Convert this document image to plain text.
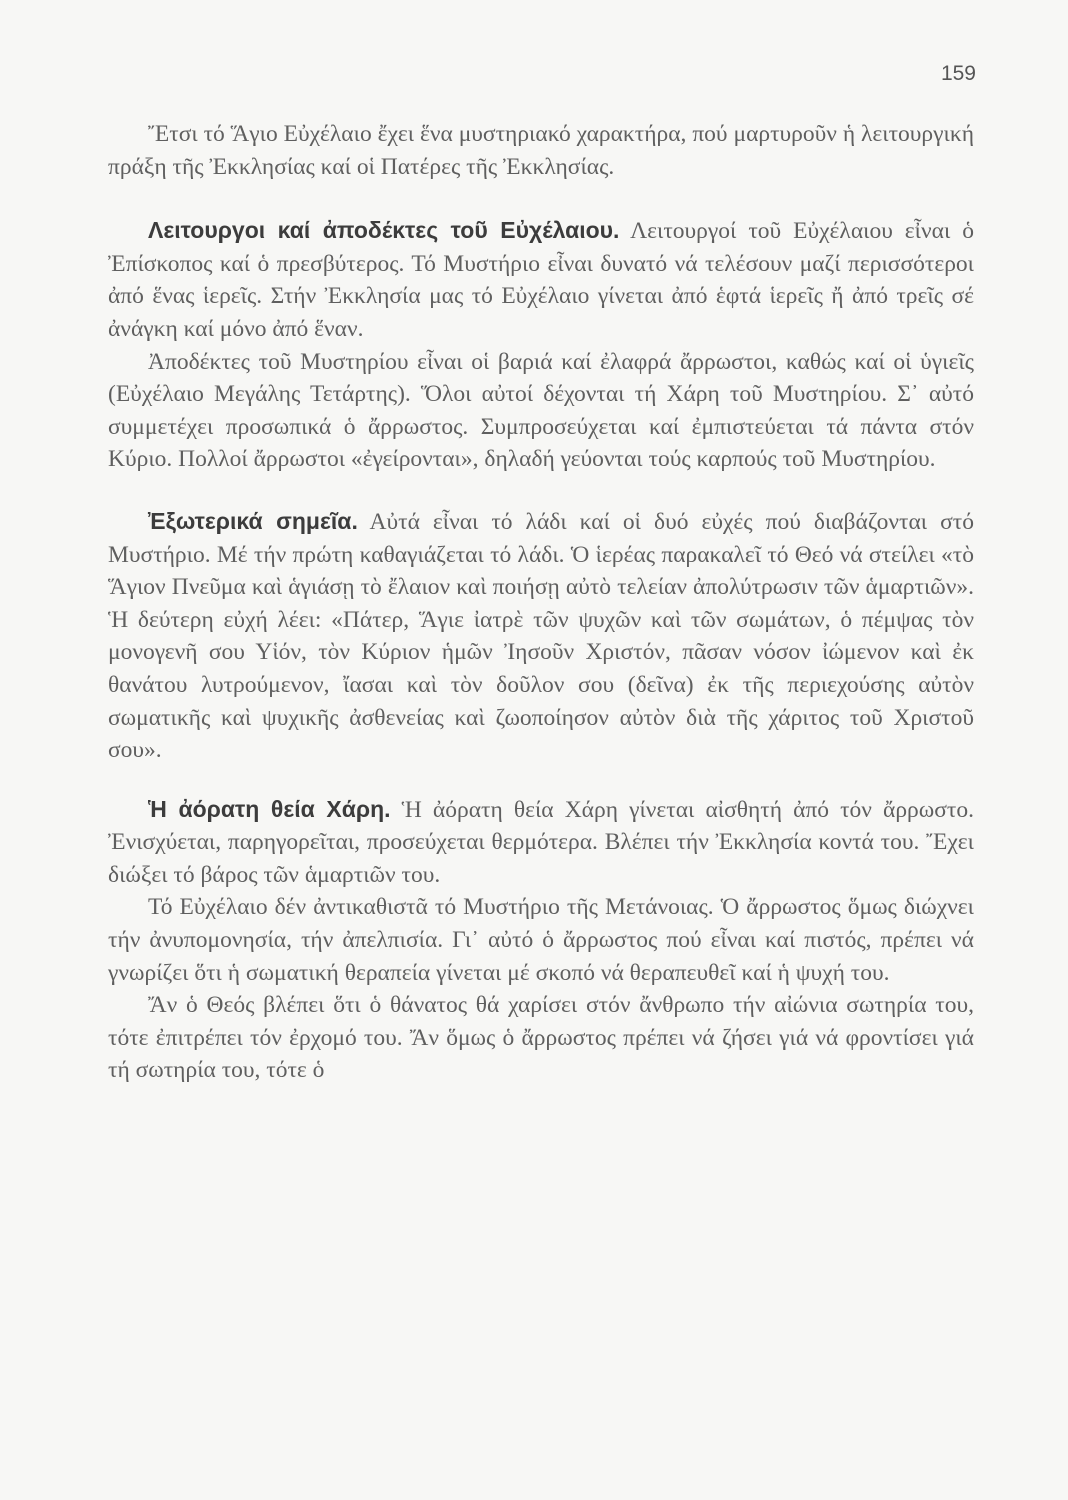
159

Ἔτσι τό Ἅγιο Εὐχέλαιο ἔχει ἕνα μυστηριακό χαρακτήρα, πού μαρτυροῦν ἡ λειτουργική πράξη τῆς Ἐκκλησίας καί οἱ Πατέρες τῆς Ἐκκλησίας.

Λειτουργοι καί ἀποδέκτες τοῦ Εὐχέλαιου. Λειτουργοί τοῦ Εὐχέλαιου εἶναι ὁ Ἐπίσκοπος καί ὁ πρεσβύτερος. Τό Μυστήριο εἶναι δυνατό νά τελέσουν μαζί περισσότεροι ἀπό ἕνας ἱερεῖς. Στήν Ἐκκλησία μας τό Εὐχέλαιο γίνεται ἀπό ἑφτά ἱερεῖς ἤ ἀπό τρεῖς σέ ἀνάγκη καί μόνο ἀπό ἕναν.

Ἀποδέκτες τοῦ Μυστηρίου εἶναι οἱ βαριά καί ἐλαφρά ἄρρωστοι, καθώς καί οἱ ὑγιεῖς (Εὐχέλαιο Μεγάλης Τετάρτης). Ὅλοι αὐτοί δέχονται τή Χάρη τοῦ Μυστηρίου. Σ᾽ αὐτό συμμετέχει προσωπικά ὁ ἄρρωστος. Συμπροσεύχεται καί ἐμπιστεύεται τά πάντα στόν Κύριο. Πολλοί ἄρρωστοι «ἐγείρονται», δηλαδή γεύονται τούς καρπούς τοῦ Μυστηρίου.

Ἐξωτερικά σημεῖα. Αὐτά εἶναι τό λάδι καί οἱ δυό εὐχές πού διαβάζονται στό Μυστήριο. Μέ τήν πρώτη καθαγιάζεται τό λάδι. Ὁ ἱερέας παρακαλεῖ τό Θεό νά στείλει «τὸ Ἅγιον Πνεῦμα καὶ ἁγιάσῃ τὸ ἔλαιον καὶ ποιήσῃ αὐτὸ τελείαν ἀπολύτρωσιν τῶν ἁμαρτιῶν». Ἡ δεύτερη εὐχή λέει: «Πάτερ, Ἅγιε ἰατρὲ τῶν ψυχῶν καὶ τῶν σωμάτων, ὁ πέμψας τὸν μονογενῆ σου Υἱόν, τὸν Κύριον ἡμῶν Ἰησοῦν Χριστόν, πᾶσαν νόσον ἰώμενον καὶ ἐκ θανάτου λυτρούμενον, ἴασαι καὶ τὸν δοῦλον σου (δεῖνα) ἐκ τῆς περιεχούσης αὐτὸν σωματικῆς καὶ ψυχικῆς ἀσθενείας καὶ ζωοποίησον αὐτὸν διὰ τῆς χάριτος τοῦ Χριστοῦ σου».

Ἡ ἀόρατη θεία Χάρη. Ἡ ἀόρατη θεία Χάρη γίνεται αἰσθητή ἀπό τόν ἄρρωστο. Ἐνισχύεται, παρηγορεῖται, προσεύχεται θερμότερα. Βλέπει τήν Ἐκκλησία κοντά του. Ἔχει διώξει τό βάρος τῶν ἁμαρτιῶν του.

Τό Εὐχέλαιο δέν ἀντικαθιστᾶ τό Μυστήριο τῆς Μετάνοιας. Ὁ ἄρρωστος ὅμως διώχνει τήν ἀνυπομονησία, τήν ἀπελπισία. Γι᾽ αὐτό ὁ ἄρρωστος πού εἶναι καί πιστός, πρέπει νά γνωρίζει ὅτι ἡ σωματική θεραπεία γίνεται μέ σκοπό νά θεραπευθεῖ καί ἡ ψυχή του.

Ἄν ὁ Θεός βλέπει ὅτι ὁ θάνατος θά χαρίσει στόν ἄνθρωπο τήν αἰώνια σωτηρία του, τότε ἐπιτρέπει τόν ἐρχομό του. Ἄν ὅμως ὁ ἄρρωστος πρέπει νά ζήσει γιά νά φροντίσει γιά τή σωτηρία του, τότε ὁ
